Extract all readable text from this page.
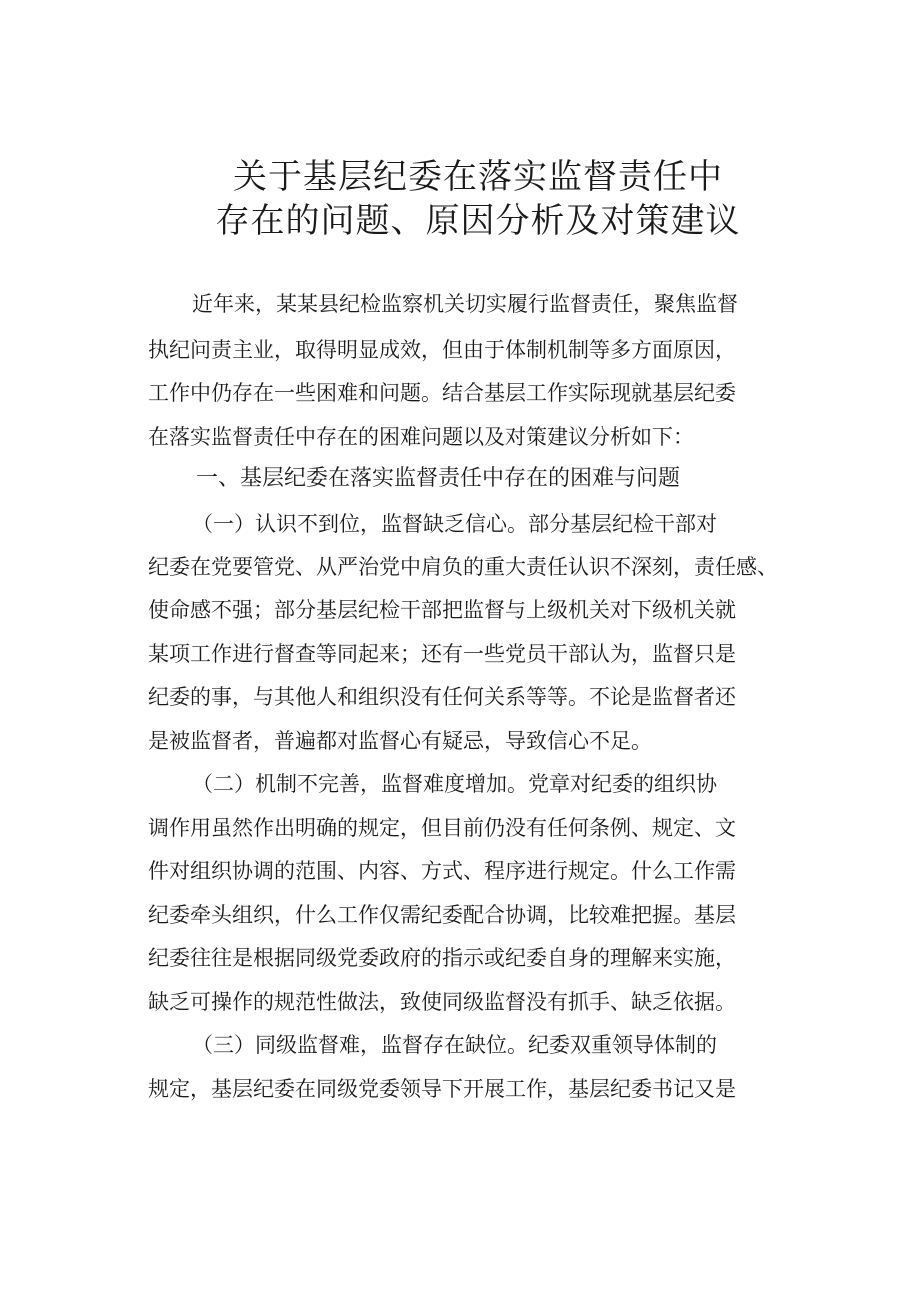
关于基层纪委在落实监督责任中
存在的问题、原因分析及对策建议
近年来，某某县纪检监察机关切实履行监督责任，聚焦监督
执纪问责主业，取得明显成效，但由于体制机制等多方面原因，
工作中仍存在一些困难和问题。结合基层工作实际现就基层纪委
在落实监督责任中存在的困难问题以及对策建议分析如下：
一、基层纪委在落实监督责任中存在的困难与问题
（一）认识不到位，监督缺乏信心。部分基层纪检干部对
纪委在党要管党、从严治党中肩负的重大责任认识不深刻，责任感、
使命感不强；部分基层纪检干部把监督与上级机关对下级机关就
某项工作进行督查等同起来；还有一些党员干部认为，监督只是
纪委的事，与其他人和组织没有任何关系等等。不论是监督者还
是被监督者，普遍都对监督心有疑忌，导致信心不足。
（二）机制不完善，监督难度增加。党章对纪委的组织协
调作用虽然作出明确的规定，但目前仍没有任何条例、规定、文
件对组织协调的范围、内容、方式、程序进行规定。什么工作需
纪委牵头组织，什么工作仅需纪委配合协调，比较难把握。基层
纪委往往是根据同级党委政府的指示或纪委自身的理解来实施，
缺乏可操作的规范性做法，致使同级监督没有抓手、缺乏依据。
（三）同级监督难，监督存在缺位。纪委双重领导体制的
规定，基层纪委在同级党委领导下开展工作，基层纪委书记又是
